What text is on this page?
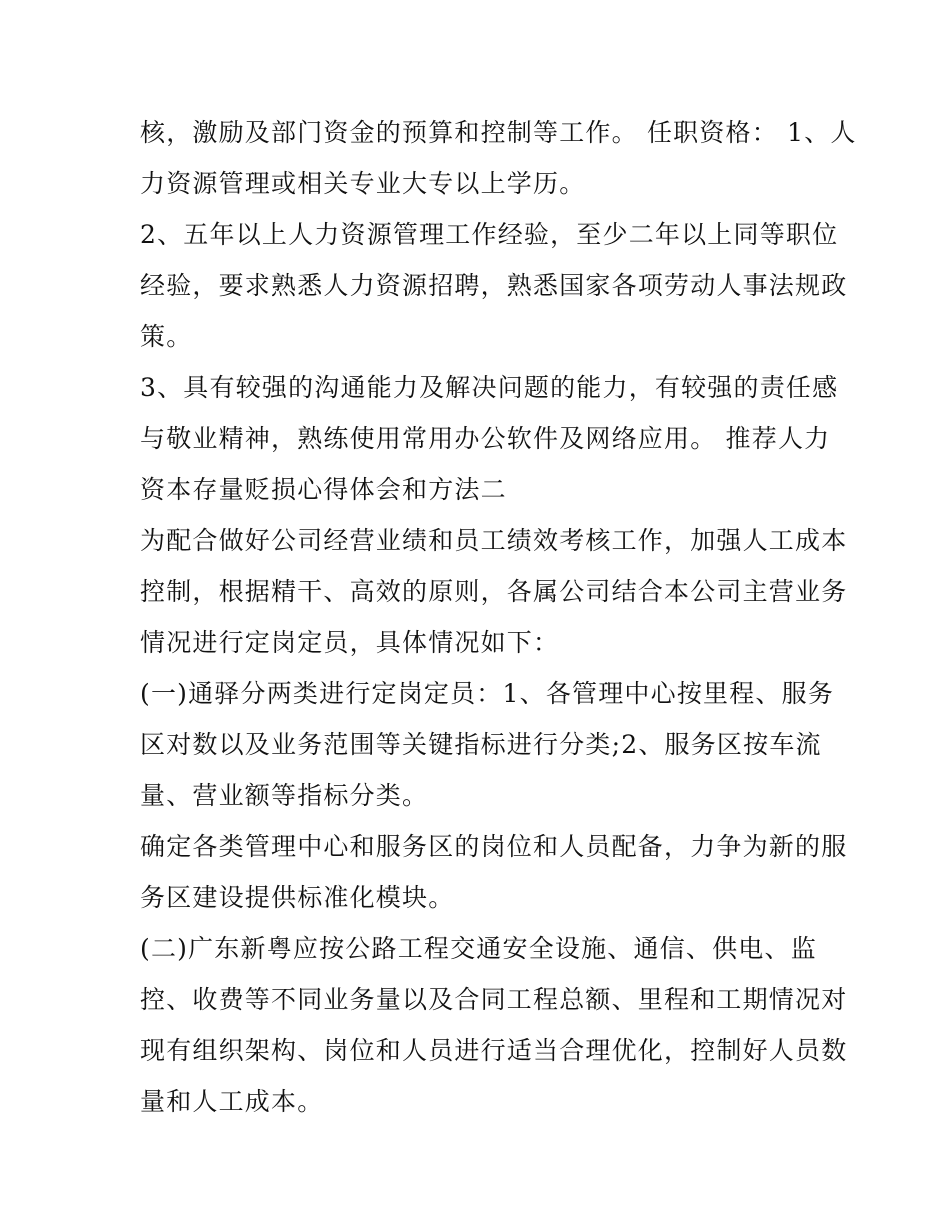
核，激励及部门资金的预算和控制等工作。 任职资格： 1、人
力资源管理或相关专业大专以上学历。

2、五年以上人力资源管理工作经验，至少二年以上同等职位
经验，要求熟悉人力资源招聘，熟悉国家各项劳动人事法规政
策。

3、具有较强的沟通能力及解决问题的能力，有较强的责任感
与敬业精神，熟练使用常用办公软件及网络应用。 推荐人力
资本存量贬损心得体会和方法二

为配合做好公司经营业绩和员工绩效考核工作，加强人工成本
控制，根据精干、高效的原则，各属公司结合本公司主营业务
情况进行定岗定员，具体情况如下：

(一)通驿分两类进行定岗定员：1、各管理中心按里程、服务
区对数以及业务范围等关键指标进行分类;2、服务区按车流
量、营业额等指标分类。

确定各类管理中心和服务区的岗位和人员配备，力争为新的服
务区建设提供标准化模块。

(二)广东新粤应按公路工程交通安全设施、通信、供电、监
控、收费等不同业务量以及合同工程总额、里程和工期情况对
现有组织架构、岗位和人员进行适当合理优化，控制好人员数
量和人工成本。
